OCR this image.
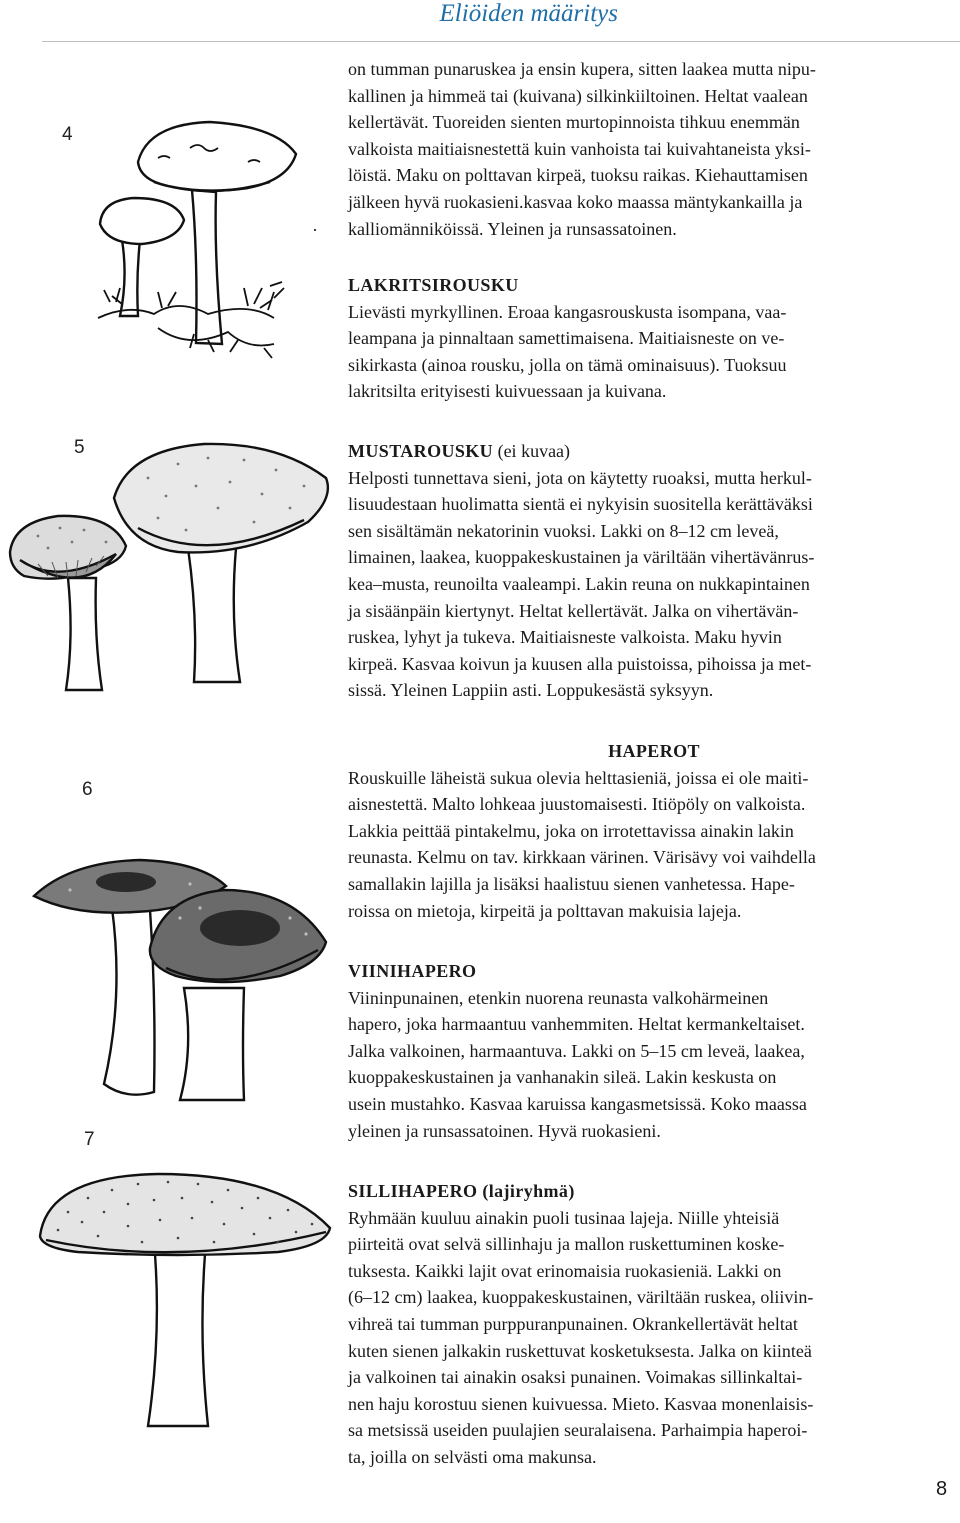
Eliöiden määritys
4
5
6
7
·
on tumman punaruskea ja ensin kupera, sitten laakea mutta nipu-
kallinen ja himmeä tai (kuivana) silkinkiiltoinen. Heltat vaalean
kellertävät. Tuoreiden sienten murtopinnoista tihkuu enemmän
valkoista maitiaisnestettä kuin vanhoista tai kuivahtaneista yksi-
löistä. Maku on polttavan kirpeä, tuoksu raikas. Kiehauttamisen
jälkeen hyvä ruokasieni.kasvaa koko maassa mäntykankailla ja
kalliomänniköissä. Yleinen ja runsassatoinen.
LAKRITSIROUSKU
Lievästi myrkyllinen. Eroaa kangasrouskusta isompana, vaa-
leampana ja pinnaltaan samettimaisena. Maitiaisneste on ve-
sikirkasta (ainoa rousku, jolla on tämä ominaisuus). Tuoksuu
lakritsilta erityisesti kuivuessaan ja kuivana.
MUSTAROUSKU (ei kuvaa)
Helposti tunnettava sieni, jota on käytetty ruoaksi, mutta herkul-
lisuudestaan huolimatta sientä ei nykyisin suositella kerättäväksi
sen sisältämän nekatorinin vuoksi. Lakki on 8–12 cm leveä,
limainen, laakea, kuoppakeskustainen ja väriltään vihertävänrus-
kea–musta, reunoilta vaaleampi. Lakin reuna on nukkapintainen
ja sisäänpäin kiertynyt. Heltat kellertävät. Jalka on vihertävän-
ruskea, lyhyt ja tukeva. Maitiaisneste valkoista. Maku hyvin
kirpeä. Kasvaa koivun ja kuusen alla puistoissa, pihoissa ja met-
sissä. Yleinen Lappiin asti. Loppukesästä syksyyn.
HAPEROT
Rouskuille läheistä sukua olevia helttasieniä, joissa ei ole maiti-
aisnestettä. Malto lohkeaa juustomaisesti. Itiöpöly on valkoista.
Lakkia peittää pintakelmu, joka on irrotettavissa ainakin lakin
reunasta. Kelmu on tav. kirkkaan värinen. Värisävy voi vaihdella
samallakin lajilla ja lisäksi haalistuu sienen vanhetessa. Hape-
roissa on mietoja, kirpeitä ja polttavan makuisia lajeja.
VIINIHAPERO
Viininpunainen, etenkin nuorena reunasta valkohärmeinen
hapero, joka harmaantuu vanhemmiten. Heltat kermankeltaiset.
Jalka valkoinen, harmaantuva. Lakki on 5–15 cm leveä, laakea,
kuoppakeskustainen ja vanhanakin sileä. Lakin keskusta on
usein mustahko. Kasvaa karuissa kangasmetsissä. Koko maassa
yleinen ja runsassatoinen. Hyvä ruokasieni.
SILLIHAPERO (lajiryhmä)
Ryhmään kuuluu ainakin puoli tusinaa lajeja. Niille yhteisiä
piirteitä ovat selvä sillinhaju ja mallon ruskettuminen koske-
tuksesta. Kaikki lajit ovat erinomaisia ruokasieniä. Lakki on
(6–12 cm) laakea, kuoppakeskustainen, väriltään ruskea, oliivin-
vihreä tai tumman purppuranpunainen. Okrankellertävät heltat
kuten sienen jalkakin ruskettuvat kosketuksesta. Jalka on kiinteä
ja valkoinen tai ainakin osaksi punainen. Voimakas sillinkaltai-
nen haju korostuu sienen kuivuessa. Mieto. Kasvaa monenlaisis-
sa metsissä useiden puulajien seuralaisena. Parhaimpia haperoi-
ta, joilla on selvästi oma makunsa.
8
